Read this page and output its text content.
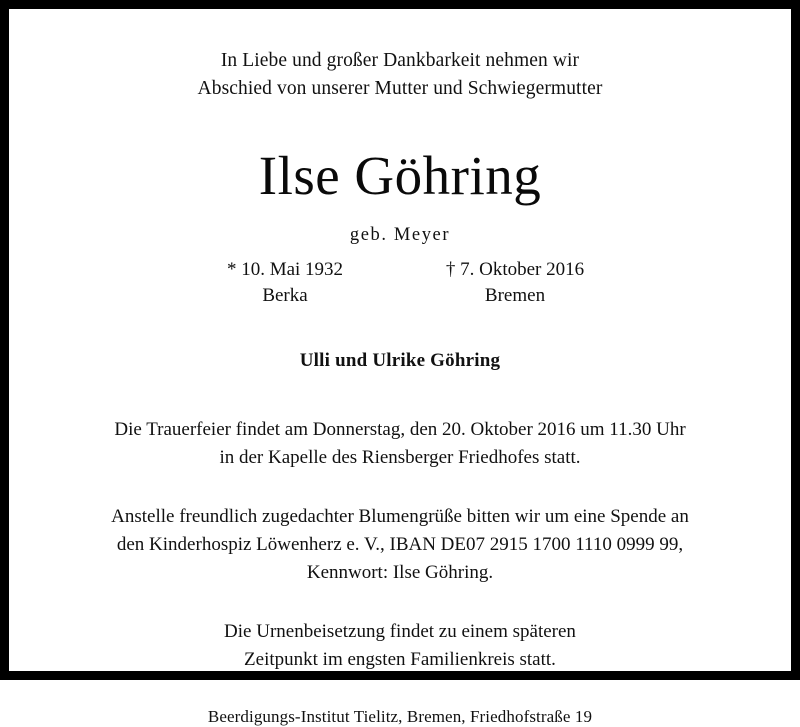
In Liebe und großer Dankbarkeit nehmen wir
Abschied von unserer Mutter und Schwiegermutter
Ilse Göhring
geb. Meyer
* 10. Mai 1932
Berka
† 7. Oktober 2016
Bremen
Ulli und Ulrike Göhring
Die Trauerfeier findet am Donnerstag, den 20. Oktober 2016 um 11.30 Uhr
in der Kapelle des Riensberger Friedhofes statt.
Anstelle freundlich zugedachter Blumengrüße bitten wir um eine Spende an
den Kinderhospiz Löwenherz e. V., IBAN DE07 2915 1700 1110 0999 99,
Kennwort: Ilse Göhring.
Die Urnenbeisetzung findet zu einem späteren
Zeitpunkt im engsten Familienkreis statt.
Beerdigungs-Institut Tielitz, Bremen, Friedhofstraße 19
